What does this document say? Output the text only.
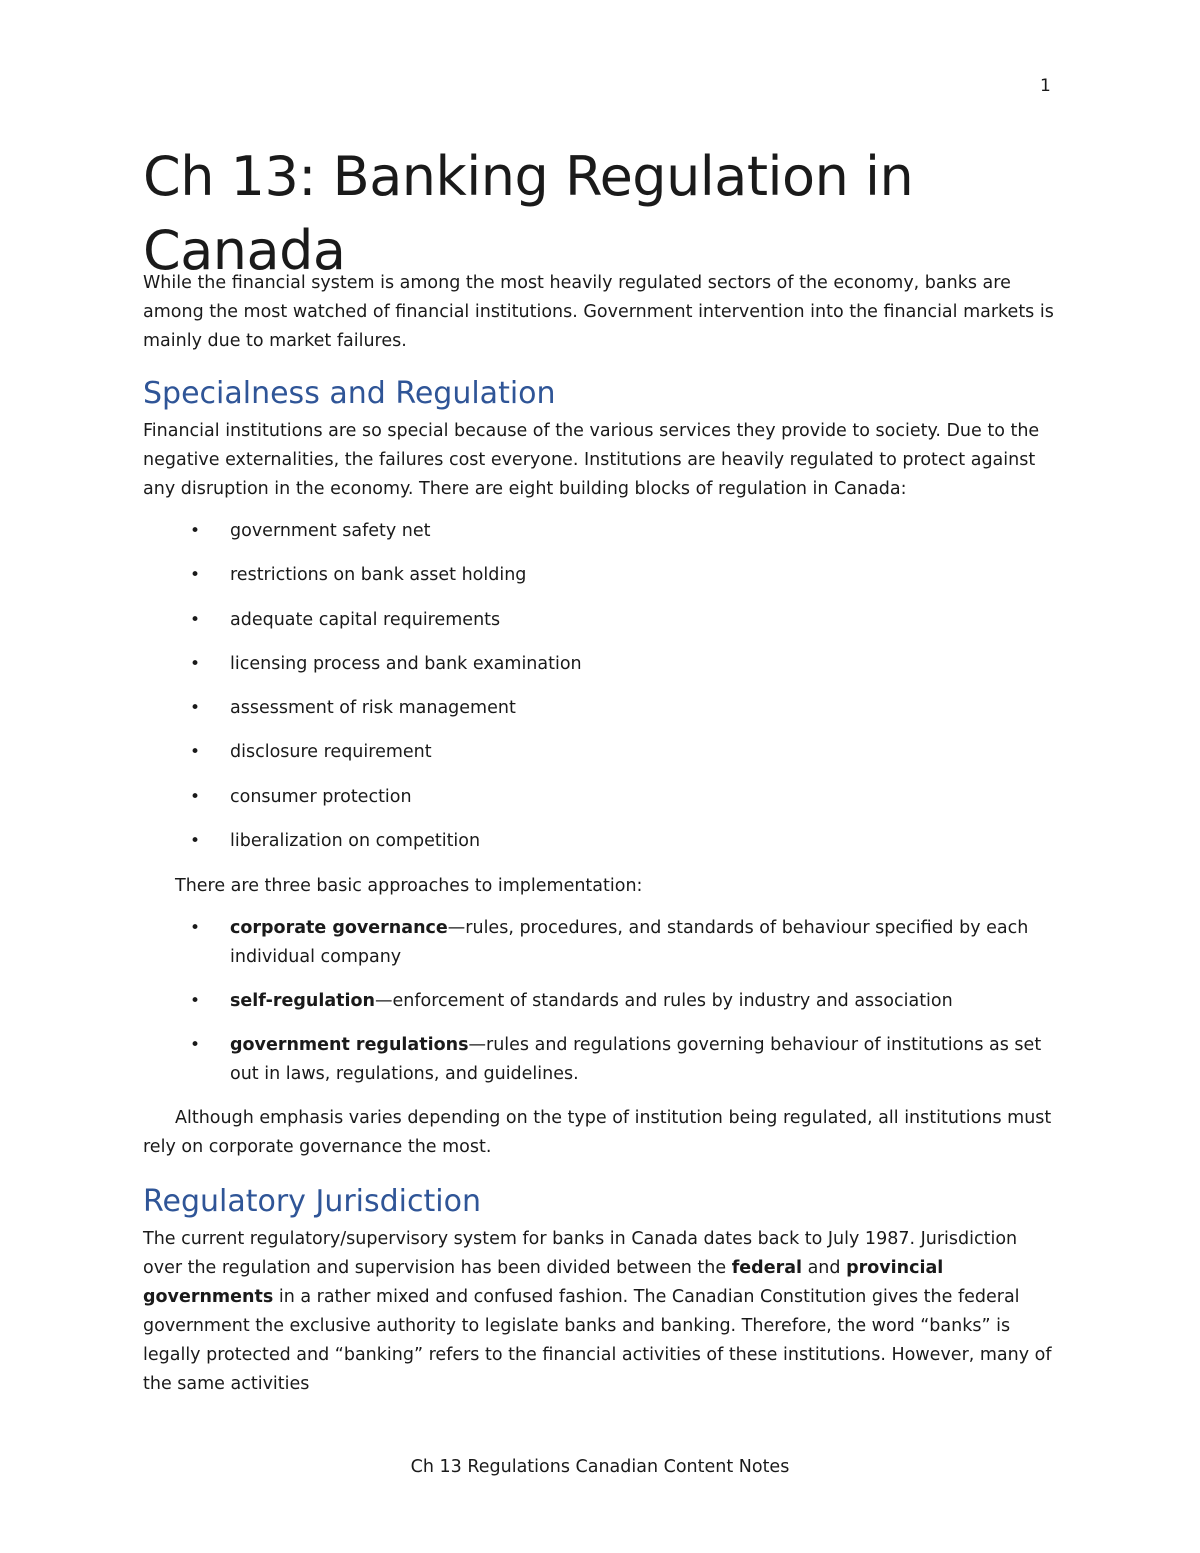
1
Ch 13: Banking Regulation in Canada

While the financial system is among the most heavily regulated sectors of the economy, banks are among the most watched of financial institutions. Government intervention into the financial markets is mainly due to market failures.

Specialness and Regulation

Financial institutions are so special because of the various services they provide to society. Due to the negative externalities, the failures cost everyone. Institutions are heavily regulated to protect against any disruption in the economy. There are eight building blocks of regulation in Canada:

• government safety net
• restrictions on bank asset holding
• adequate capital requirements
• licensing process and bank examination
• assessment of risk management
• disclosure requirement
• consumer protection
• liberalization on competition

There are three basic approaches to implementation:

• corporate governance—rules, procedures, and standards of behaviour specified by each individual company
• self-regulation—enforcement of standards and rules by industry and association
• government regulations—rules and regulations governing behaviour of institutions as set out in laws, regulations, and guidelines.

Although emphasis varies depending on the type of institution being regulated, all institutions must rely on corporate governance the most.

Regulatory Jurisdiction

The current regulatory/supervisory system for banks in Canada dates back to July 1987. Jurisdiction over the regulation and supervision has been divided between the federal and provincial governments in a rather mixed and confused fashion. The Canadian Constitution gives the federal government the exclusive authority to legislate banks and banking. Therefore, the word “banks” is legally protected and “banking” refers to the financial activities of these institutions. However, many of the same activities

Ch 13 Regulations Canadian Content Notes
